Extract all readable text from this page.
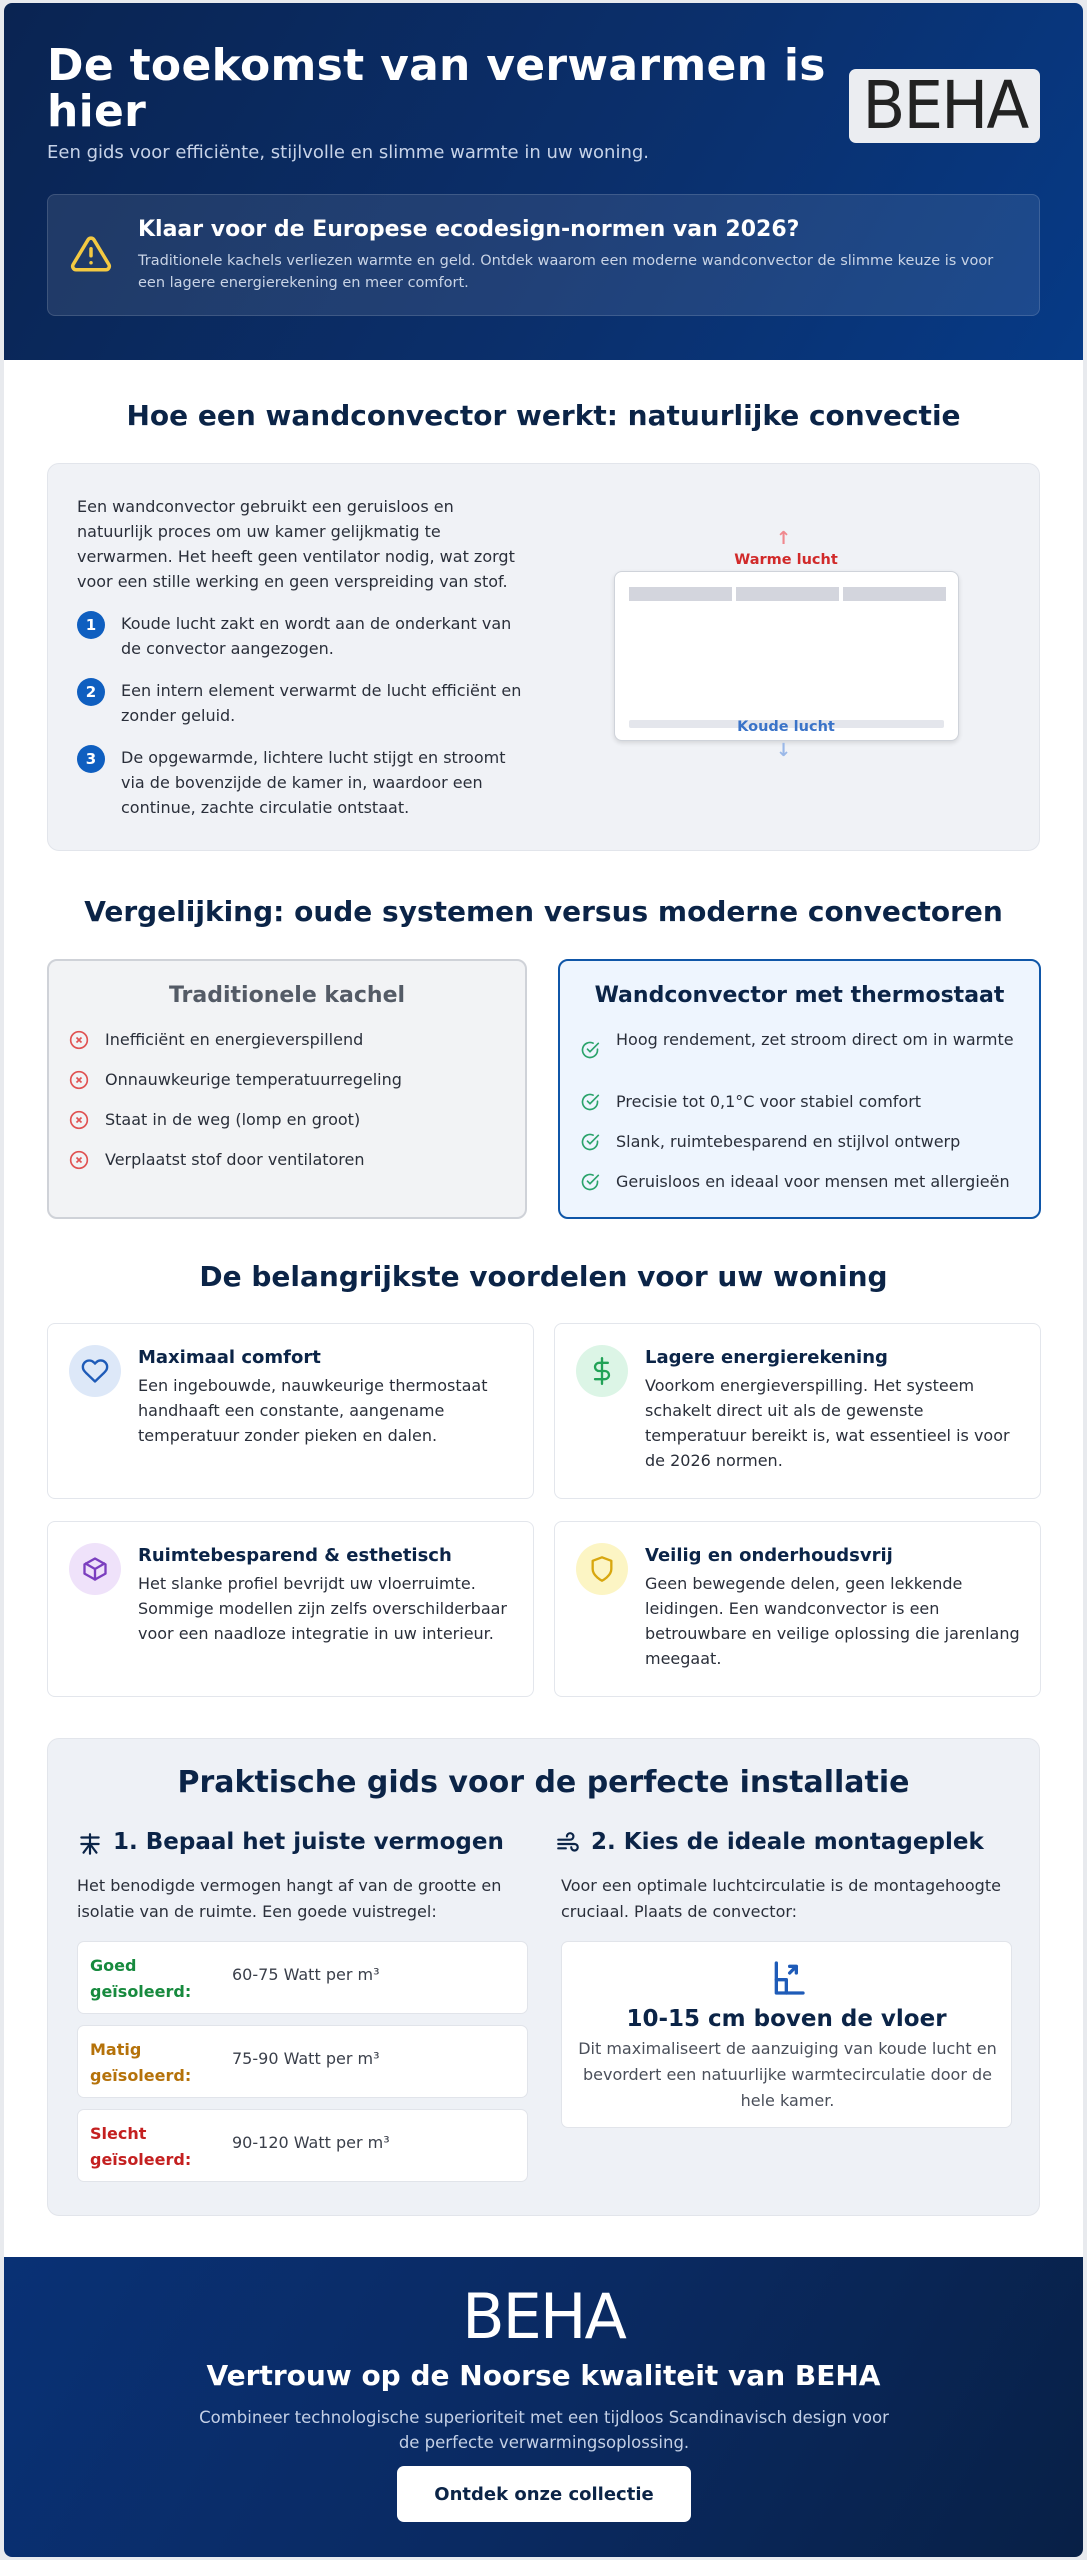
De toekomst van verwarmen is hier

Een gids voor efficiënte, stijlvolle en slimme warmte in uw woning.

BEHA
Klaar voor de Europese ecodesign-normen van 2026?
Traditionele kachels verliezen warmte en geld. Ontdek waarom een moderne wandconvector de slimme keuze is voor een lagere energierekening en meer comfort.
Hoe een wandconvector werkt: natuurlijke convectie

Een wandconvector gebruikt een geruisloos en natuurlijk proces om uw kamer gelijkmatig te verwarmen. Het heeft geen ventilator nodig, wat zorgt voor een stille werking en geen verspreiding van stof.

1	Koude lucht zakt en wordt aan de onderkant van de convector aangezogen.
2	Een intern element verwarmt de lucht efficiënt en zonder geluid.
3	De opgewarmde, lichtere lucht stijgt en stroomt via de bovenzijde de kamer in, waardoor een continue, zachte circulatie ontstaat.
↑
Warme lucht
Koude lucht
↓
Vergelijking: oude systemen versus moderne convectoren
Traditionele kachel
Inefficiënt en energieverspillend
Onnauwkeurige temperatuurregeling
Staat in de weg (lomp en groot)
Verplaatst stof door ventilatoren
Wandconvector met thermostaat
Hoog rendement, zet stroom direct om in warmte
Precisie tot 0,1°C voor stabiel comfort
Slank, ruimtebesparend en stijlvol ontwerp
Geruisloos en ideaal voor mensen met allergieën
De belangrijkste voordelen voor uw woning
Maximaal comfort
Een ingebouwde, nauwkeurige thermostaat handhaaft een constante, aangename temperatuur zonder pieken en dalen.
Lagere energierekening
Voorkom energieverspilling. Het systeem schakelt direct uit als de gewenste temperatuur bereikt is, wat essentieel is voor de 2026 normen.
Ruimtebesparend & esthetisch
Het slanke profiel bevrijdt uw vloerruimte. Sommige modellen zijn zelfs overschilderbaar voor een naadloze integratie in uw interieur.
Veilig en onderhoudsvrij
Geen bewegende delen, geen lekkende leidingen. Een wandconvector is een betrouwbare en veilige oplossing die jarenlang meegaat.
Praktische gids voor de perfecte installatie
1. Bepaal het juiste vermogen

Het benodigde vermogen hangt af van de grootte en isolatie van de ruimte. Een goede vuistregel:

Goed geïsoleerd:
60-75 Watt per m³
Matig geïsoleerd:
75-90 Watt per m³
Slecht geïsoleerd:
90-120 Watt per m³
2. Kies de ideale montageplek

Voor een optimale luchtcirculatie is de montagehoogte cruciaal. Plaats de convector:

10-15 cm boven de vloer
Dit maximaliseert de aanzuiging van koude lucht en bevordert een natuurlijke warmtecirculatie door de hele kamer.
BEHA
Vertrouw op de Noorse kwaliteit van BEHA
Combineer technologische superioriteit met een tijdloos Scandinavisch design voor de perfecte verwarmingsoplossing.
Ontdek onze collectie
